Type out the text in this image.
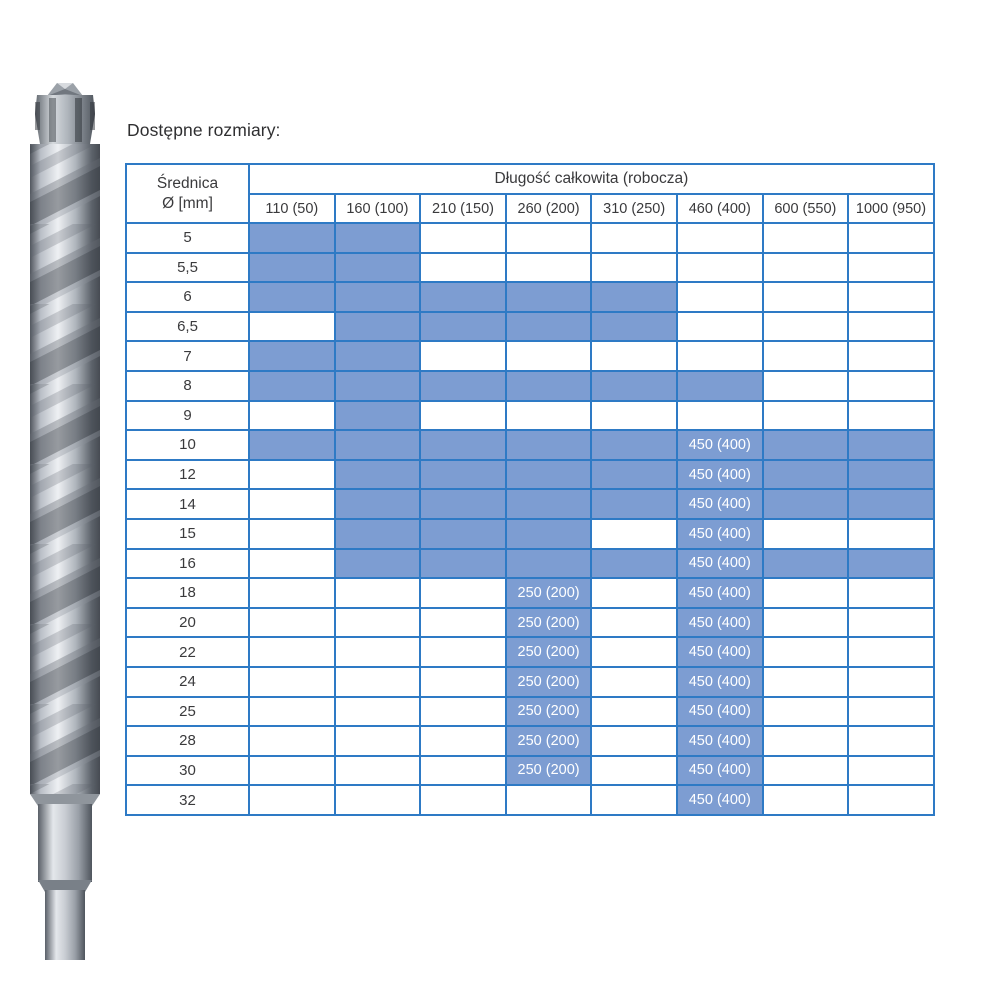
Dostępne rozmiary:
Średnica
Ø [mm]	Długość całkowita (robocza)							
	110 (50)	160 (100)	210 (150)	260 (200)	310 (250)	460 (400)	600 (550)	1000 (950)
5								
5,5								
6								
6,5								
7								
8								
9								
10						450 (400)		
12						450 (400)		
14						450 (400)		
15						450 (400)		
16						450 (400)		
18				250 (200)		450 (400)		
20				250 (200)		450 (400)		
22				250 (200)		450 (400)		
24				250 (200)		450 (400)		
25				250 (200)		450 (400)		
28				250 (200)		450 (400)		
30				250 (200)		450 (400)		
32						450 (400)		
